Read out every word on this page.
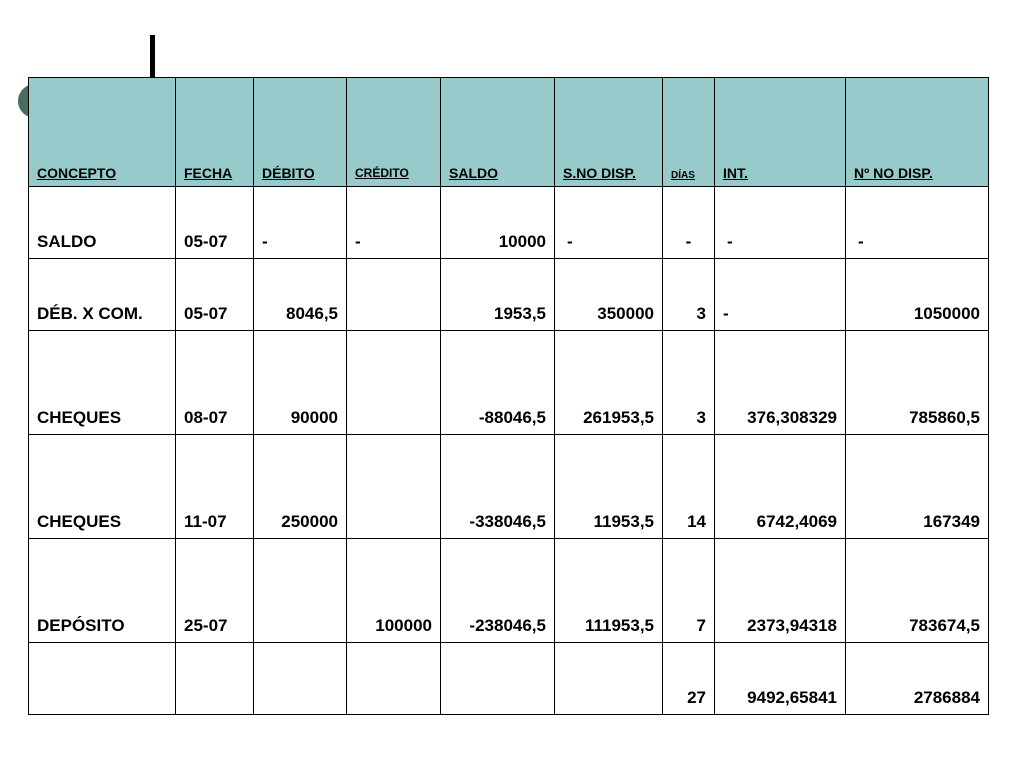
CONCEPTO	FECHA	DÉBITO	CRÉDITO	SALDO	S.NO DISP.	DÍAS	INT.	Nº NO DISP.
SALDO	05-07	-	-	10000	-	-	-	-
DÉB. X COM.	05-07	8046,5		1953,5	350000	3	-	1050000
CHEQUES	08-07	90000		-88046,5	261953,5	3	376,308329	785860,5
CHEQUES	11-07	250000		-338046,5	11953,5	14	6742,4069	167349
DEPÓSITO	25-07		100000	-238046,5	111953,5	7	2373,94318	783674,5
						27	9492,65841	2786884
